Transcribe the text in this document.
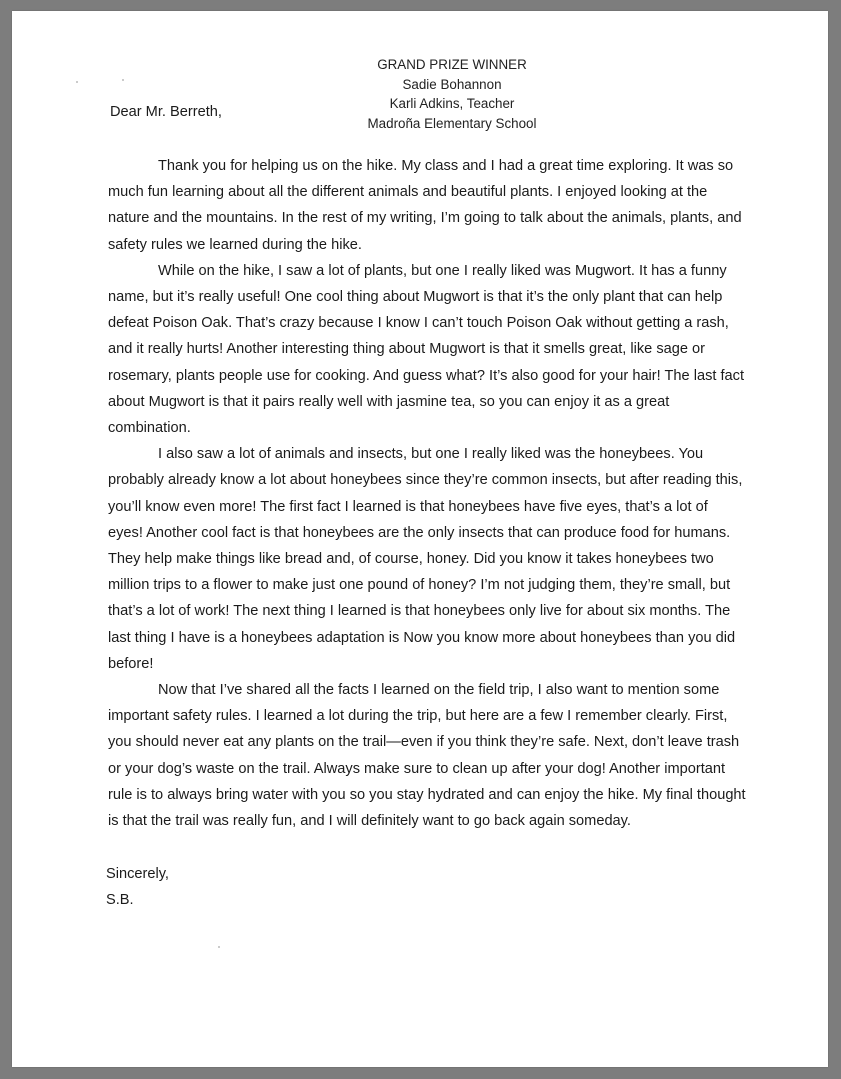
GRAND PRIZE WINNER
Sadie Bohannon
Karli Adkins, Teacher
Madroña Elementary School
Dear Mr. Berreth,

Thank you for helping us on the hike. My class and I had a great time exploring. It was so much fun learning about all the different animals and beautiful plants. I enjoyed looking at the nature and the mountains. In the rest of my writing, I’m going to talk about the animals, plants, and safety rules we learned during the hike.

While on the hike, I saw a lot of plants, but one I really liked was Mugwort. It has a funny name, but it’s really useful! One cool thing about Mugwort is that it’s the only plant that can help defeat Poison Oak. That’s crazy because I know I can’t touch Poison Oak without getting a rash, and it really hurts! Another interesting thing about Mugwort is that it smells great, like sage or rosemary, plants people use for cooking. And guess what? It’s also good for your hair! The last fact about Mugwort is that it pairs really well with jasmine tea, so you can enjoy it as a great combination.

I also saw a lot of animals and insects, but one I really liked was the honeybees. You probably already know a lot about honeybees since they’re common insects, but after reading this, you’ll know even more! The first fact I learned is that honeybees have five eyes, that’s a lot of eyes! Another cool fact is that honeybees are the only insects that can produce food for humans. They help make things like bread and, of course, honey. Did you know it takes honeybees two million trips to a flower to make just one pound of honey? I’m not judging them, they’re small, but that’s a lot of work! The next thing I learned is that honeybees only live for about six months. The last thing I have is a honeybees adaptation is Now you know more about honeybees than you did before!

Now that I’ve shared all the facts I learned on the field trip, I also want to mention some important safety rules. I learned a lot during the trip, but here are a few I remember clearly. First, you should never eat any plants on the trail—even if you think they’re safe. Next, don’t leave trash or your dog’s waste on the trail. Always make sure to clean up after your dog! Another important rule is to always bring water with you so you stay hydrated and can enjoy the hike. My final thought is that the trail was really fun, and I will definitely want to go back again someday.

Sincerely,
S.B.
